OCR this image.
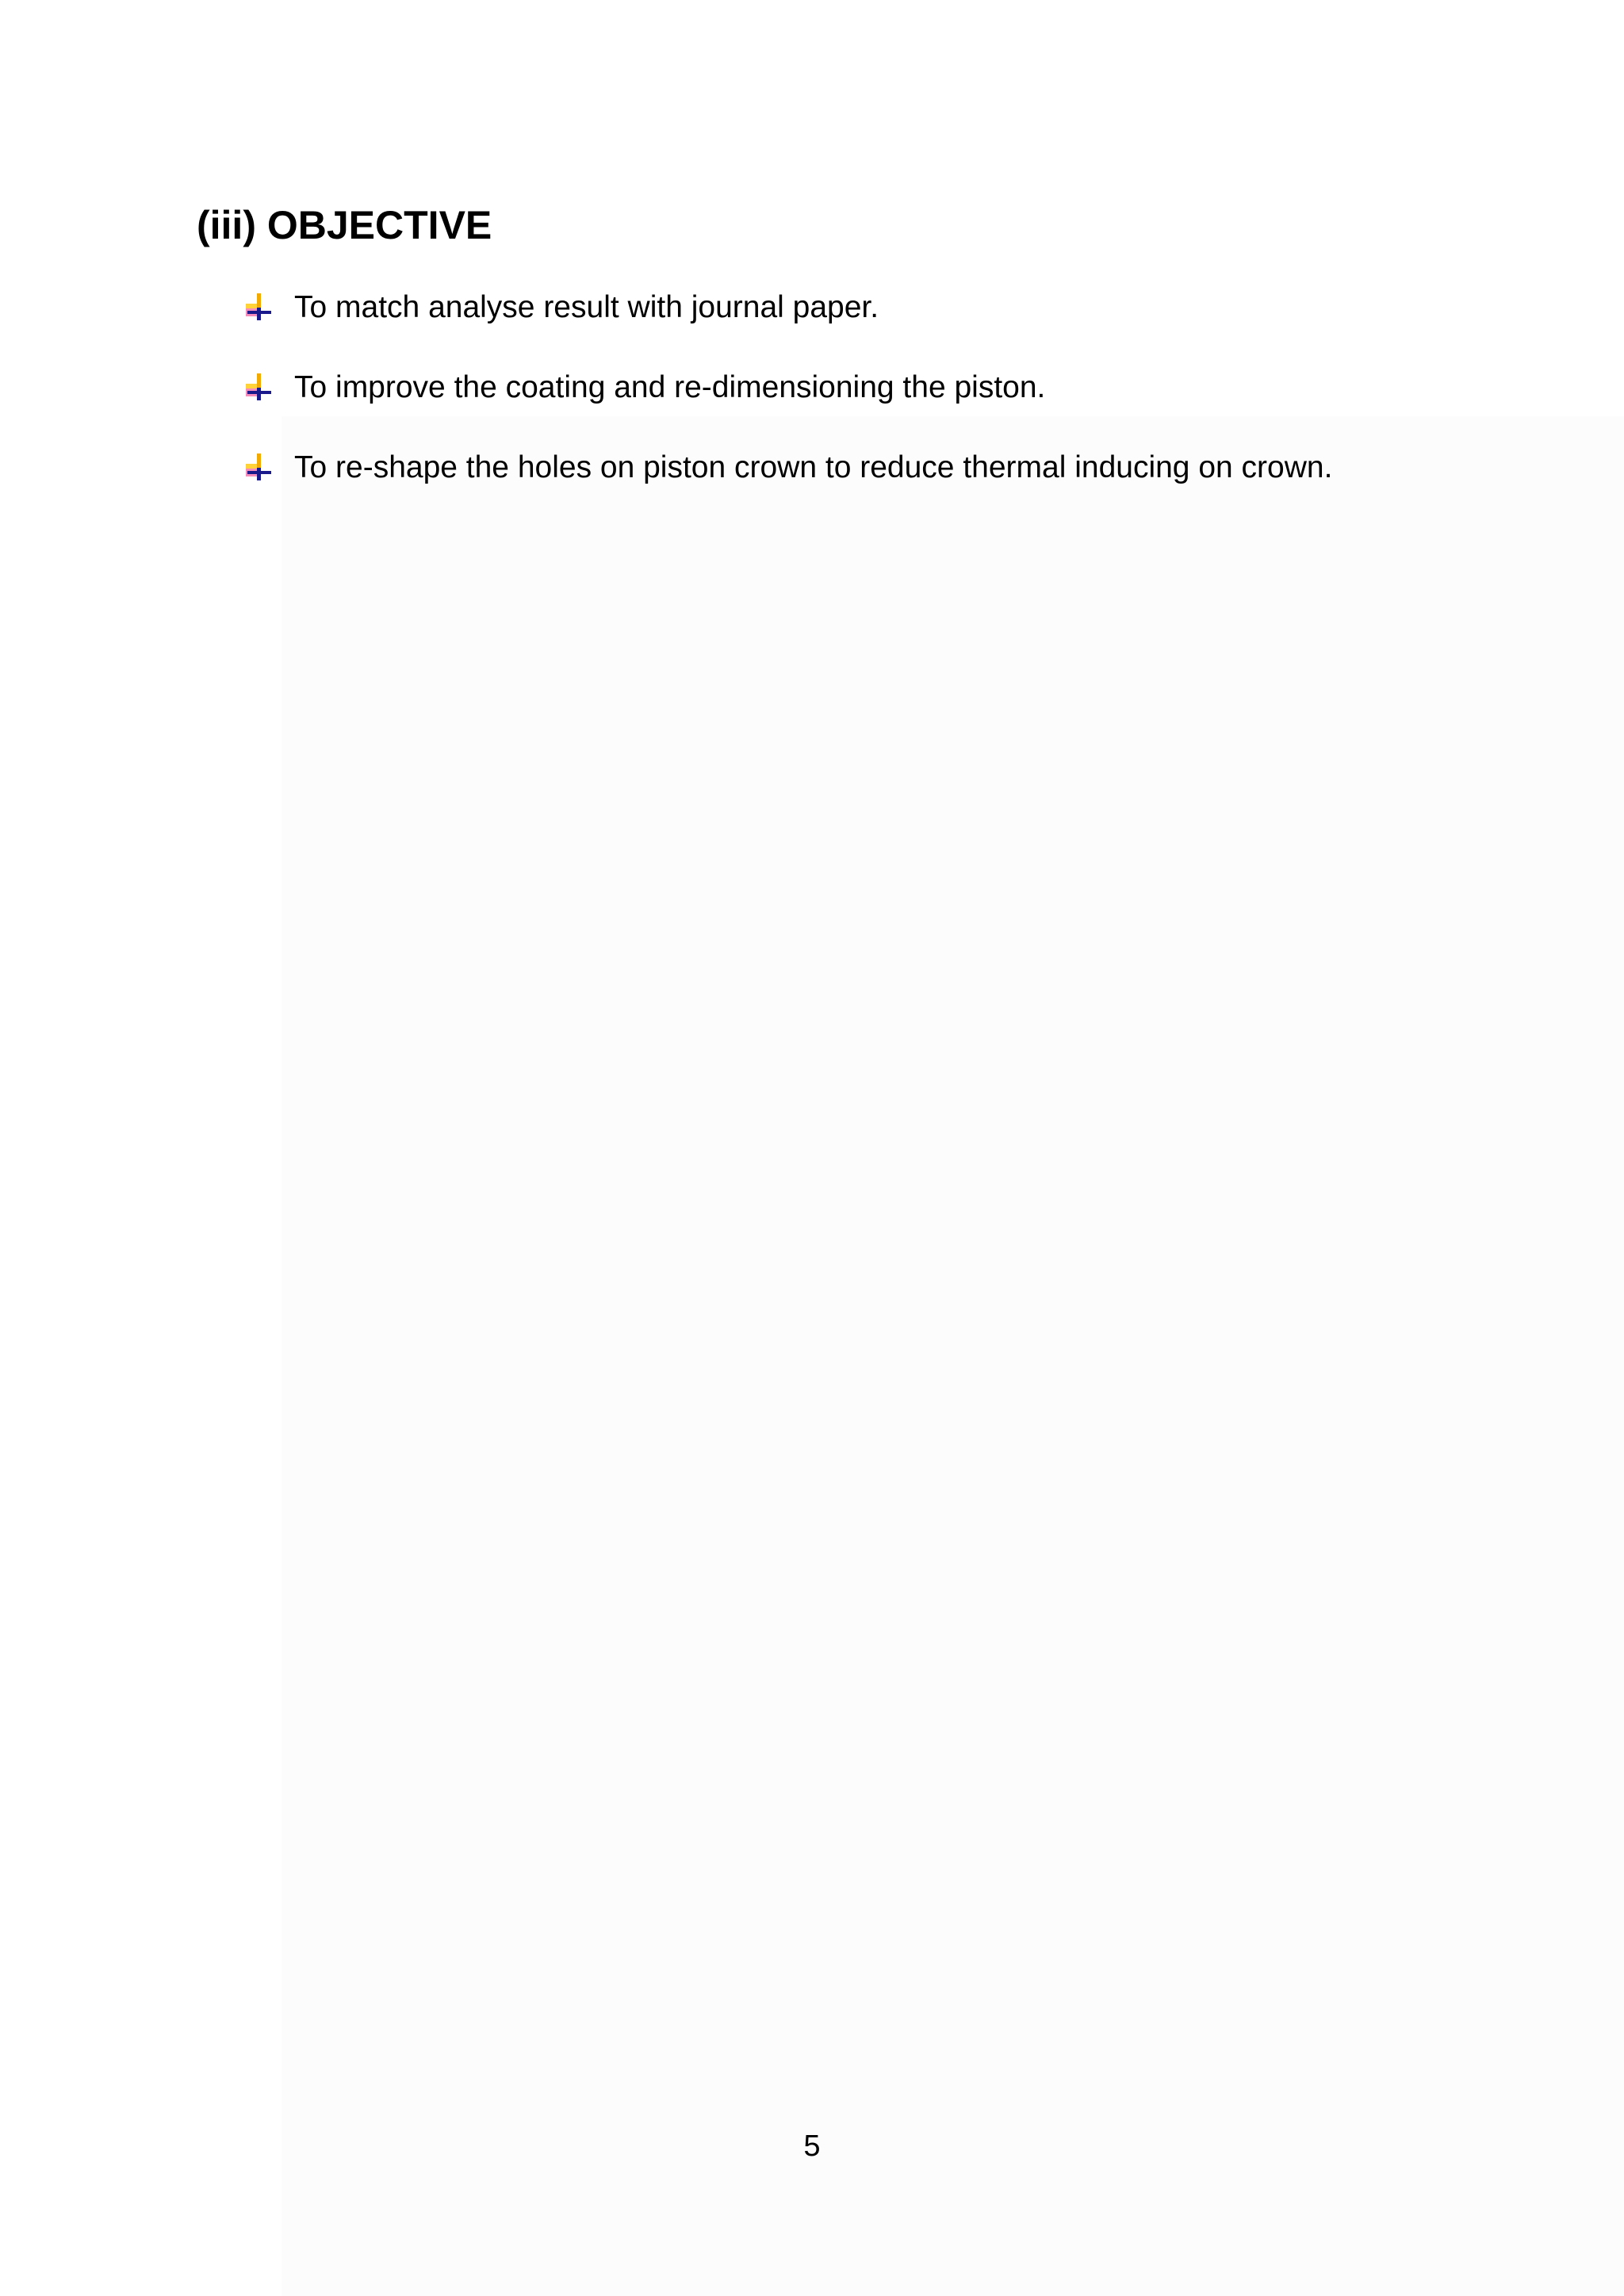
(iii) OBJECTIVE
To match analyse result with journal paper.
To improve the coating and re-dimensioning the piston.
To re-shape the holes on piston crown to reduce thermal inducing on crown.
5
